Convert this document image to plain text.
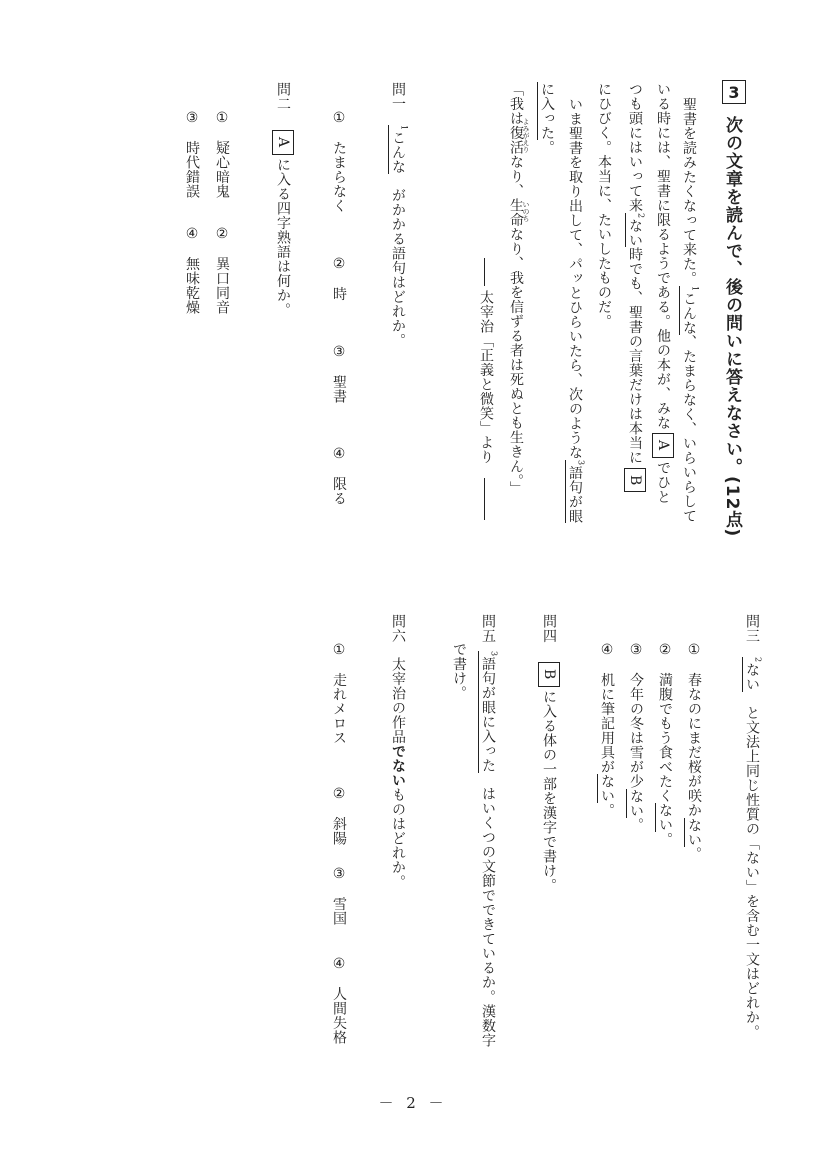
3
次の文章を読んで、後の問いに答えなさい。(12点)
聖書を読みたくなって来た。$^1$こんな、たまらなく、いらいらして
いる時には、聖書に限るようである。他の本が、みなAでひと
つも頭にはいって来$^2$ない時でも、聖書の言葉だけは本当にB
にひびく。本当に、たいしたものだ。
いま聖書を取り出して、パッとひらいたら、次のような$^3$語句が眼
に入った。
よみがえり
いのち
「我は復活なり、生命なり、我を信ずる者は死ぬとも生きん。」
太宰治「正義と微笑」より
問一$^1$こんながかかる語句はどれか。
①たまらなく
②時
③聖書
④限る
問二Aに入る四字熟語は何か。
①疑心暗鬼
②異口同音
③時代錯誤
④無味乾燥
問三$^2$ないと文法上同じ性質の「ない」を含む一文はどれか。
①春なのにまだ桜が咲かない。
②満腹でもう食べたくない。
③今年の冬は雪が少ない。
④机に筆記用具がない。
問四Bに入る体の一部を漢字で書け。
問五$^3$語句が眼に入ったはいくつの文節でできているか。漢数字
で書け。
問六太宰治の作品でないものはどれか。
①走れメロス
②斜陽
③雪国
④人間失格
－ 2 －
